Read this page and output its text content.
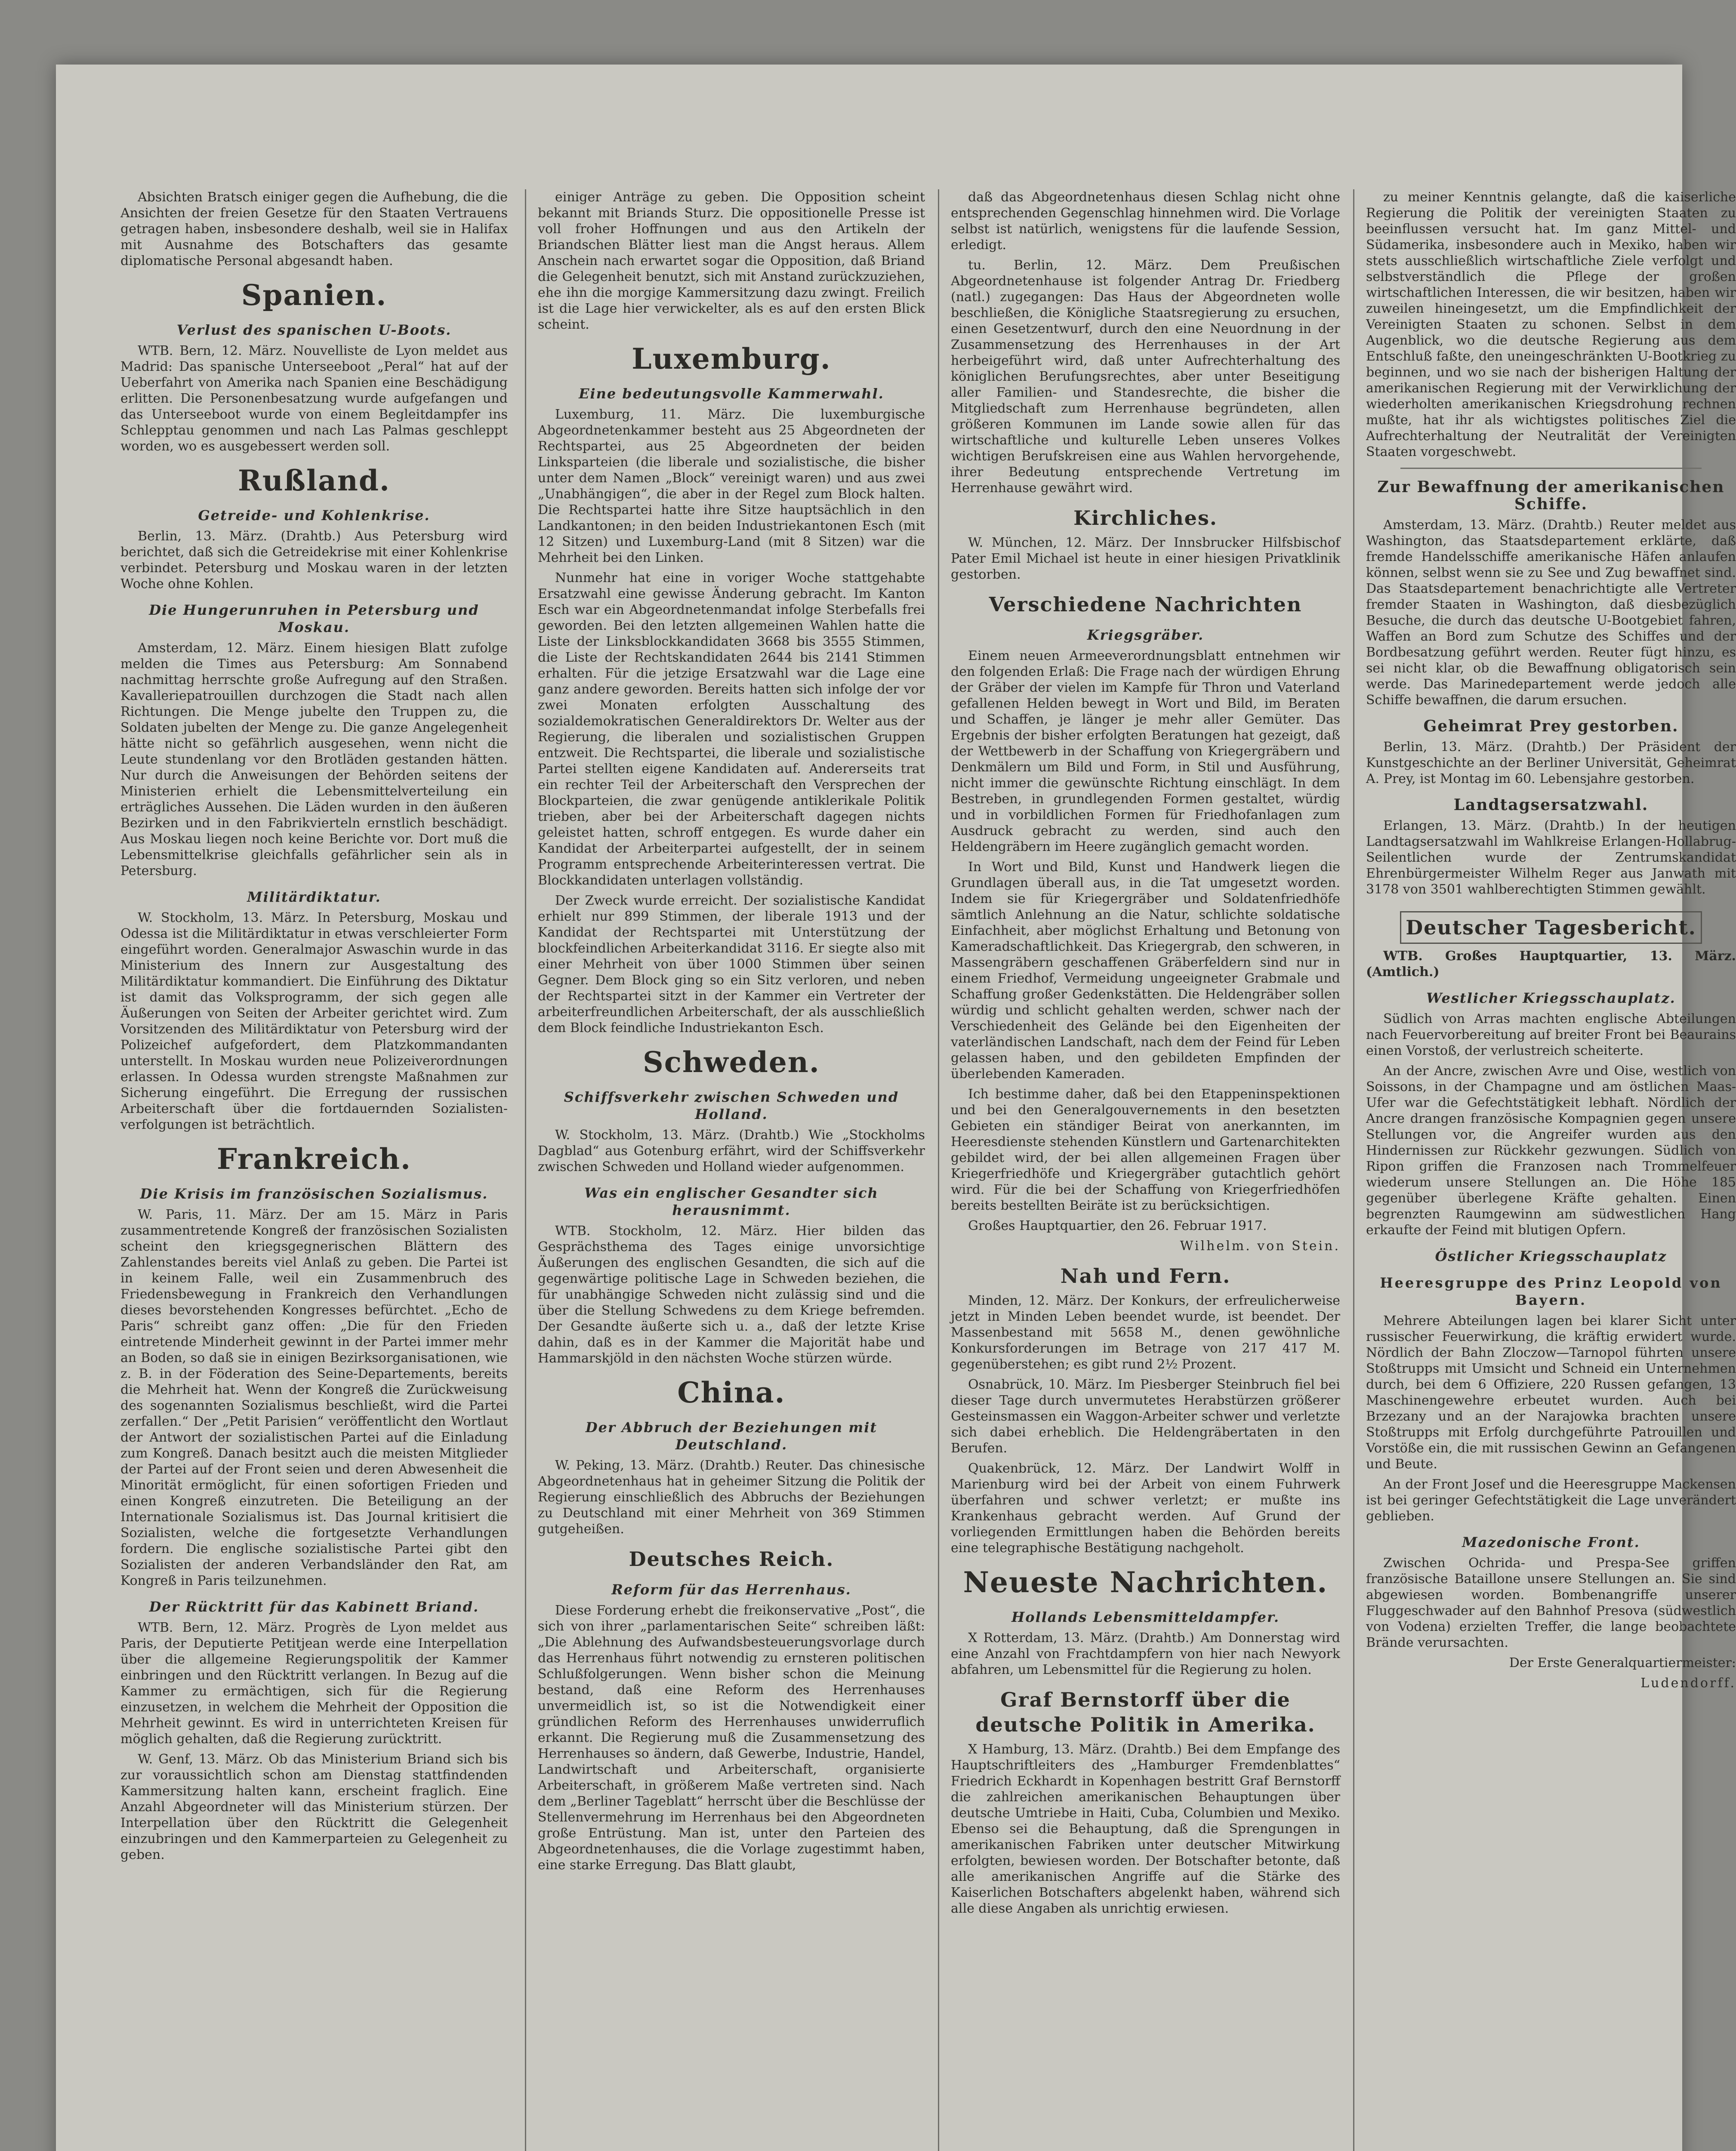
Absichten Bratsch einiger gegen die Aufhebung, die die Ansichten der freien Gesetze für den Staaten Vertrauens getragen haben, insbesondere deshalb, weil sie in Halifax mit Ausnahme des Botschafters das gesamte diplomatische Personal abgesandt haben.

Spanien.
Verlust des spanischen U-Boots.

WTB. Bern, 12. März. Nouvelliste de Lyon meldet aus Madrid: Das spanische Unterseeboot „Peral“ hat auf der Ueberfahrt von Amerika nach Spanien eine Beschädigung erlitten. Die Personenbesatzung wurde aufgefangen und das Unterseeboot wurde von einem Begleitdampfer ins Schlepptau genommen und nach Las Palmas geschleppt worden, wo es ausgebessert werden soll.

Rußland.
Getreide- und Kohlenkrise.

Berlin, 13. März. (Drahtb.) Aus Petersburg wird berichtet, daß sich die Getreidekrise mit einer Kohlenkrise verbindet. Petersburg und Moskau waren in der letzten Woche ohne Kohlen.

Die Hungerunruhen in Petersburg und Moskau.

Amsterdam, 12. März. Einem hiesigen Blatt zufolge melden die Times aus Petersburg: Am Sonnabend nachmittag herrschte große Aufregung auf den Straßen. Kavalleriepatrouillen durchzogen die Stadt nach allen Richtungen. Die Menge jubelte den Truppen zu, die Soldaten jubelten der Menge zu. Die ganze Angelegenheit hätte nicht so gefährlich ausgesehen, wenn nicht die Leute stundenlang vor den Brotläden gestanden hätten. Nur durch die Anweisungen der Behörden seitens der Ministerien erhielt die Lebensmittelverteilung ein erträgliches Aussehen. Die Läden wurden in den äußeren Bezirken und in den Fabrikvierteln ernstlich beschädigt. Aus Moskau liegen noch keine Berichte vor. Dort muß die Lebensmittelkrise gleichfalls gefährlicher sein als in Petersburg.

Militärdiktatur.

W. Stockholm, 13. März. In Petersburg, Moskau und Odessa ist die Militärdiktatur in etwas verschleierter Form eingeführt worden. Generalmajor Aswaschin wurde in das Ministerium des Innern zur Ausgestaltung des Militärdiktatur kommandiert. Die Einführung des Diktatur ist damit das Volksprogramm, der sich gegen alle Äußerungen von Seiten der Arbeiter gerichtet wird. Zum Vorsitzenden des Militärdiktatur von Petersburg wird der Polizeichef aufgefordert, dem Platzkommandanten unterstellt. In Moskau wurden neue Polizeiverordnungen erlassen. In Odessa wurden strengste Maßnahmen zur Sicherung eingeführt. Die Erregung der russischen Arbeiterschaft über die fortdauernden Sozialisten-verfolgungen ist beträchtlich.

Frankreich.
Die Krisis im französischen Sozialismus.

W. Paris, 11. März. Der am 15. März in Paris zusammentretende Kongreß der französischen Sozialisten scheint den kriegsgegnerischen Blättern des Zahlenstandes bereits viel Anlaß zu geben. Die Partei ist in keinem Falle, weil ein Zusammenbruch des Friedensbewegung in Frankreich den Verhandlungen dieses bevorstehenden Kongresses befürchtet. „Echo de Paris“ schreibt ganz offen: „Die für den Frieden eintretende Minderheit gewinnt in der Partei immer mehr an Boden, so daß sie in einigen Bezirksorganisationen, wie z. B. in der Föderation des Seine-Departements, bereits die Mehrheit hat. Wenn der Kongreß die Zurückweisung des sogenannten Sozialismus beschließt, wird die Partei zerfallen.“ Der „Petit Parisien“ veröffentlicht den Wortlaut der Antwort der sozialistischen Partei auf die Einladung zum Kongreß. Danach besitzt auch die meisten Mitglieder der Partei auf der Front seien und deren Abwesenheit die Minorität ermöglicht, für einen sofortigen Frieden und einen Kongreß einzutreten. Die Beteiligung an der Internationale Sozialismus ist. Das Journal kritisiert die Sozialisten, welche die fortgesetzte Verhandlungen fordern. Die englische sozialistische Partei gibt den Sozialisten der anderen Verbandsländer den Rat, am Kongreß in Paris teilzunehmen.

Der Rücktritt für das Kabinett Briand.

WTB. Bern, 12. März. Progrès de Lyon meldet aus Paris, der Deputierte Petitjean werde eine Interpellation über die allgemeine Regierungspolitik der Kammer einbringen und den Rücktritt verlangen. In Bezug auf die Kammer zu ermächtigen, sich für die Regierung einzusetzen, in welchem die Mehrheit der Opposition die Mehrheit gewinnt. Es wird in unterrichteten Kreisen für möglich gehalten, daß die Regierung zurücktritt.

W. Genf, 13. März. Ob das Ministerium Briand sich bis zur voraussichtlich schon am Dienstag stattfindenden Kammersitzung halten kann, erscheint fraglich. Eine Anzahl Abgeordneter will das Ministerium stürzen. Der Interpellation über den Rücktritt die Gelegenheit einzubringen und den Kammerparteien zu Gelegenheit zu geben.

einiger Anträge zu geben. Die Opposition scheint bekannt mit Briands Sturz. Die oppositionelle Presse ist voll froher Hoffnungen und aus den Artikeln der Briandschen Blätter liest man die Angst heraus. Allem Anschein nach erwartet sogar die Opposition, daß Briand die Gelegenheit benutzt, sich mit Anstand zurückzuziehen, ehe ihn die morgige Kammersitzung dazu zwingt. Freilich ist die Lage hier verwickelter, als es auf den ersten Blick scheint.

Luxemburg.
Eine bedeutungsvolle Kammerwahl.

Luxemburg, 11. März. Die luxemburgische Abgeordnetenkammer besteht aus 25 Abgeordneten der Rechtspartei, aus 25 Abgeordneten der beiden Linksparteien (die liberale und sozialistische, die bisher unter dem Namen „Block“ vereinigt waren) und aus zwei „Unabhängigen“, die aber in der Regel zum Block halten. Die Rechtspartei hatte ihre Sitze hauptsächlich in den Landkantonen; in den beiden Industriekantonen Esch (mit 12 Sitzen) und Luxemburg-Land (mit 8 Sitzen) war die Mehrheit bei den Linken.

Nunmehr hat eine in voriger Woche stattgehabte Ersatzwahl eine gewisse Änderung gebracht. Im Kanton Esch war ein Abgeordnetenmandat infolge Sterbefalls frei geworden. Bei den letzten allgemeinen Wahlen hatte die Liste der Linksblockkandidaten 3668 bis 3555 Stimmen, die Liste der Rechtskandidaten 2644 bis 2141 Stimmen erhalten. Für die jetzige Ersatzwahl war die Lage eine ganz andere geworden. Bereits hatten sich infolge der vor zwei Monaten erfolgten Ausschaltung des sozialdemokratischen Generaldirektors Dr. Welter aus der Regierung, die liberalen und sozialistischen Gruppen entzweit. Die Rechtspartei, die liberale und sozialistische Partei stellten eigene Kandidaten auf. Andererseits trat ein rechter Teil der Arbeiterschaft den Versprechen der Blockparteien, die zwar genügende antiklerikale Politik trieben, aber bei der Arbeiterschaft dagegen nichts geleistet hatten, schroff entgegen. Es wurde daher ein Kandidat der Arbeiterpartei aufgestellt, der in seinem Programm entsprechende Arbeiterinteressen vertrat. Die Blockkandidaten unterlagen vollständig.

Der Zweck wurde erreicht. Der sozialistische Kandidat erhielt nur 899 Stimmen, der liberale 1913 und der Kandidat der Rechtspartei mit Unterstützung der blockfeindlichen Arbeiterkandidat 3116. Er siegte also mit einer Mehrheit von über 1000 Stimmen über seinen Gegner. Dem Block ging so ein Sitz verloren, und neben der Rechtspartei sitzt in der Kammer ein Vertreter der arbeiterfreundlichen Arbeiterschaft, der als ausschließlich dem Block feindliche Industriekanton Esch.

Schweden.
Schiffsverkehr zwischen Schweden und Holland.

W. Stockholm, 13. März. (Drahtb.) Wie „Stockholms Dagblad“ aus Gotenburg erfährt, wird der Schiffsverkehr zwischen Schweden und Holland wieder aufgenommen.

Was ein englischer Gesandter sich herausnimmt.

WTB. Stockholm, 12. März. Hier bilden das Gesprächsthema des Tages einige unvorsichtige Äußerungen des englischen Gesandten, die sich auf die gegenwärtige politische Lage in Schweden beziehen, die für unabhängige Schweden nicht zulässig sind und die über die Stellung Schwedens zu dem Kriege befremden. Der Gesandte äußerte sich u. a., daß der letzte Krise dahin, daß es in der Kammer die Majorität habe und Hammarskjöld in den nächsten Woche stürzen würde.

China.
Der Abbruch der Beziehungen mit Deutschland.

W. Peking, 13. März. (Drahtb.) Reuter. Das chinesische Abgeordnetenhaus hat in geheimer Sitzung die Politik der Regierung einschließlich des Abbruchs der Beziehungen zu Deutschland mit einer Mehrheit von 369 Stimmen gutgeheißen.

Deutsches Reich.
Reform für das Herrenhaus.

Diese Forderung erhebt die freikonservative „Post“, die sich von ihrer „parlamentarischen Seite“ schreiben läßt: „Die Ablehnung des Aufwandsbesteuerungsvorlage durch das Herrenhaus führt notwendig zu ernsteren politischen Schlußfolgerungen. Wenn bisher schon die Meinung bestand, daß eine Reform des Herrenhauses unvermeidlich ist, so ist die Notwendigkeit einer gründlichen Reform des Herrenhauses unwiderruflich erkannt. Die Regierung muß die Zusammensetzung des Herrenhauses so ändern, daß Gewerbe, Industrie, Handel, Landwirtschaft und Arbeiterschaft, organisierte Arbeiterschaft, in größerem Maße vertreten sind. Nach dem „Berliner Tageblatt“ herrscht über die Beschlüsse der Stellenvermehrung im Herrenhaus bei den Abgeordneten große Entrüstung. Man ist, unter den Parteien des Abgeordnetenhauses, die die Vorlage zugestimmt haben, eine starke Erregung. Das Blatt glaubt,

daß das Abgeordnetenhaus diesen Schlag nicht ohne entsprechenden Gegenschlag hinnehmen wird. Die Vorlage selbst ist natürlich, wenigstens für die laufende Session, erledigt.

tu. Berlin, 12. März. Dem Preußischen Abgeordnetenhause ist folgender Antrag Dr. Friedberg (natl.) zugegangen: Das Haus der Abgeordneten wolle beschließen, die Königliche Staatsregierung zu ersuchen, einen Gesetzentwurf, durch den eine Neuordnung in der Zusammensetzung des Herrenhauses in der Art herbeigeführt wird, daß unter Aufrechterhaltung des königlichen Berufungsrechtes, aber unter Beseitigung aller Familien- und Standesrechte, die bisher die Mitgliedschaft zum Herrenhause begründeten, allen größeren Kommunen im Lande sowie allen für das wirtschaftliche und kulturelle Leben unseres Volkes wichtigen Berufskreisen eine aus Wahlen hervorgehende, ihrer Bedeutung entsprechende Vertretung im Herrenhause gewährt wird.

Kirchliches.

W. München, 12. März. Der Innsbrucker Hilfsbischof Pater Emil Michael ist heute in einer hiesigen Privatklinik gestorben.

Verschiedene Nachrichten
Kriegsgräber.

Einem neuen Armeeverordnungsblatt entnehmen wir den folgenden Erlaß: Die Frage nach der würdigen Ehrung der Gräber der vielen im Kampfe für Thron und Vaterland gefallenen Helden bewegt in Wort und Bild, im Beraten und Schaffen, je länger je mehr aller Gemüter. Das Ergebnis der bisher erfolgten Beratungen hat gezeigt, daß der Wettbewerb in der Schaffung von Kriegergräbern und Denkmälern um Bild und Form, in Stil und Ausführung, nicht immer die gewünschte Richtung einschlägt. In dem Bestreben, in grundlegenden Formen gestaltet, würdig und in vorbildlichen Formen für Friedhofanlagen zum Ausdruck gebracht zu werden, sind auch den Heldengräbern im Heere zugänglich gemacht worden.

In Wort und Bild, Kunst und Handwerk liegen die Grundlagen überall aus, in die Tat umgesetzt worden. Indem sie für Kriegergräber und Soldatenfriedhöfe sämtlich Anlehnung an die Natur, schlichte soldatische Einfachheit, aber möglichst Erhaltung und Betonung von Kameradschaftlichkeit. Das Kriegergrab, den schweren, in Massengräbern geschaffenen Gräberfeldern sind nur in einem Friedhof, Vermeidung ungeeigneter Grabmale und Schaffung großer Gedenkstätten. Die Heldengräber sollen würdig und schlicht gehalten werden, schwer nach der Verschiedenheit des Gelände bei den Eigenheiten der vaterländischen Landschaft, nach dem der Feind für Leben gelassen haben, und den gebildeten Empfinden der überlebenden Kameraden.

Ich bestimme daher, daß bei den Etappeninspektionen und bei den Generalgouvernements in den besetzten Gebieten ein ständiger Beirat von anerkannten, im Heeresdienste stehenden Künstlern und Gartenarchitekten gebildet wird, der bei allen allgemeinen Fragen über Kriegerfriedhöfe und Kriegergräber gutachtlich gehört wird. Für die bei der Schaffung von Kriegerfriedhöfen bereits bestellten Beiräte ist zu berücksichtigen.

Großes Hauptquartier, den 26. Februar 1917.

Wilhelm. von Stein.

Nah und Fern.

Minden, 12. März. Der Konkurs, der erfreulicherweise jetzt in Minden Leben beendet wurde, ist beendet. Der Massenbestand mit 5658 M., denen gewöhnliche Konkursforderungen im Betrage von 217 417 M. gegenüberstehen; es gibt rund 2½ Prozent.

Osnabrück, 10. März. Im Piesberger Steinbruch fiel bei dieser Tage durch unvermutetes Herabstürzen größerer Gesteinsmassen ein Waggon-Arbeiter schwer und verletzte sich dabei erheblich. Die Heldengräbertaten in den Berufen.

Quakenbrück, 12. März. Der Landwirt Wolff in Marienburg wird bei der Arbeit von einem Fuhrwerk überfahren und schwer verletzt; er mußte ins Krankenhaus gebracht werden. Auf Grund der vorliegenden Ermittlungen haben die Behörden bereits eine telegraphische Bestätigung nachgeholt.

Neueste Nachrichten.
Hollands Lebensmitteldampfer.

X Rotterdam, 13. März. (Drahtb.) Am Donnerstag wird eine Anzahl von Frachtdampfern von hier nach Newyork abfahren, um Lebensmittel für die Regierung zu holen.

Graf Bernstorff über die deutsche Politik in Amerika.

X Hamburg, 13. März. (Drahtb.) Bei dem Empfange des Hauptschriftleiters des „Hamburger Fremdenblattes“ Friedrich Eckhardt in Kopenhagen bestritt Graf Bernstorff die zahlreichen amerikanischen Behauptungen über deutsche Umtriebe in Haiti, Cuba, Columbien und Mexiko. Ebenso sei die Behauptung, daß die Sprengungen in amerikanischen Fabriken unter deutscher Mitwirkung erfolgten, bewiesen worden. Der Botschafter betonte, daß alle amerikanischen Angriffe auf die Stärke des Kaiserlichen Botschafters abgelenkt haben, während sich alle diese Angaben als unrichtig erwiesen.

zu meiner Kenntnis gelangte, daß die kaiserliche Regierung die Politik der vereinigten Staaten zu beeinflussen versucht hat. Im ganz Mittel- und Südamerika, insbesondere auch in Mexiko, haben wir stets ausschließlich wirtschaftliche Ziele verfolgt und selbstverständlich die Pflege der großen wirtschaftlichen Interessen, die wir besitzen, haben wir zuweilen hineingesetzt, um die Empfindlichkeit der Vereinigten Staaten zu schonen. Selbst in dem Augenblick, wo die deutsche Regierung aus dem Entschluß faßte, den uneingeschränkten U-Bootkrieg zu beginnen, und wo sie nach der bisherigen Haltung der amerikanischen Regierung mit der Verwirklichung der wiederholten amerikanischen Kriegsdrohung rechnen mußte, hat ihr als wichtigstes politisches Ziel die Aufrechterhaltung der Neutralität der Vereinigten Staaten vorgeschwebt.

Zur Bewaffnung der amerikanischen Schiffe.

Amsterdam, 13. März. (Drahtb.) Reuter meldet aus Washington, das Staatsdepartement erklärte, daß fremde Handelsschiffe amerikanische Häfen anlaufen können, selbst wenn sie zu See und Zug bewaffnet sind. Das Staatsdepartement benachrichtigte alle Vertreter fremder Staaten in Washington, daß diesbezüglich Besuche, die durch das deutsche U-Bootgebiet fahren, Waffen an Bord zum Schutze des Schiffes und der Bordbesatzung geführt werden. Reuter fügt hinzu, es sei nicht klar, ob die Bewaffnung obligatorisch sein werde. Das Marinedepartement werde jedoch alle Schiffe bewaffnen, die darum ersuchen.

Geheimrat Prey gestorben.

Berlin, 13. März. (Drahtb.) Der Präsident der Kunstgeschichte an der Berliner Universität, Geheimrat A. Prey, ist Montag im 60. Lebensjahre gestorben.

Landtagsersatzwahl.

Erlangen, 13. März. (Drahtb.) In der heutigen Landtagsersatzwahl im Wahlkreise Erlangen-Hollabrug-Seilentlichen wurde der Zentrumskandidat Ehrenbürgermeister Wilhelm Reger aus Janwath mit 3178 von 3501 wahlberechtigten Stimmen gewählt.

Deutscher Tagesbericht.

WTB. Großes Hauptquartier, 13. März. (Amtlich.)

Westlicher Kriegsschauplatz.

Südlich von Arras machten englische Abteilungen nach Feuervorbereitung auf breiter Front bei Beaurains einen Vorstoß, der verlustreich scheiterte.

An der Ancre, zwischen Avre und Oise, westlich von Soissons, in der Champagne und am östlichen Maas-Ufer war die Gefechtstätigkeit lebhaft. Nördlich der Ancre drangen französische Kompagnien gegen unsere Stellungen vor, die Angreifer wurden aus den Hindernissen zur Rückkehr gezwungen. Südlich von Ripon griffen die Franzosen nach Trommelfeuer wiederum unsere Stellungen an. Die Höhe 185 gegenüber überlegene Kräfte gehalten. Einen begrenzten Raumgewinn am südwestlichen Hang erkaufte der Feind mit blutigen Opfern.

Östlicher Kriegsschauplatz
Heeresgruppe des Prinz Leopold von Bayern.

Mehrere Abteilungen lagen bei klarer Sicht unter russischer Feuerwirkung, die kräftig erwidert wurde. Nördlich der Bahn Zloczow—Tarnopol führten unsere Stoßtrupps mit Umsicht und Schneid ein Unternehmen durch, bei dem 6 Offiziere, 220 Russen gefangen, 13 Maschinengewehre erbeutet wurden. Auch bei Brzezany und an der Narajowka brachten unsere Stoßtrupps mit Erfolg durchgeführte Patrouillen und Vorstöße ein, die mit russischen Gewinn an Gefangenen und Beute.

An der Front Josef und die Heeresgruppe Mackensen ist bei geringer Gefechtstätigkeit die Lage unverändert geblieben.

Mazedonische Front.

Zwischen Ochrida- und Prespa-See griffen französische Bataillone unsere Stellungen an. Sie sind abgewiesen worden. Bombenangriffe unserer Fluggeschwader auf den Bahnhof Presova (südwestlich von Vodena) erzielten Treffer, die lange beobachtete Brände verursachten.

Der Erste Generalquartiermeister:

Ludendorff.
